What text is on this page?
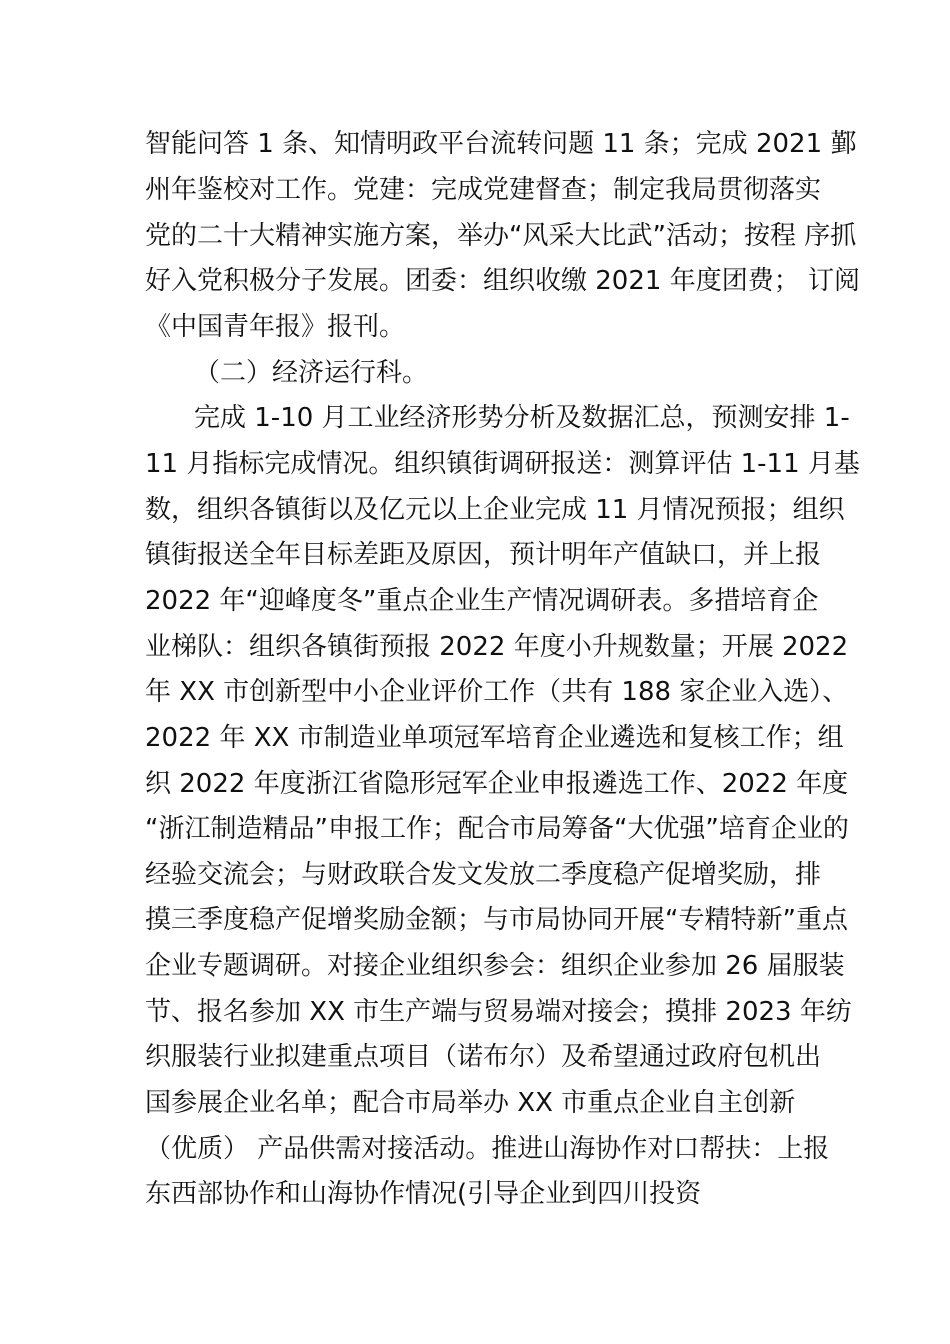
智能问答 1 条、知情明政平台流转问题 11 条；完成 2021 鄞
州年鉴校对工作。党建：完成党建督查；制定我局贯彻落实
党的二十大精神实施方案，举办“风采大比武”活动；按程 序抓
好入党积极分子发展。团委：组织收缴 2021 年度团费； 订阅
《中国青年报》报刊。
（二）经济运行科。
完成 1-10 月工业经济形势分析及数据汇总，预测安排 1-
11 月指标完成情况。组织镇街调研报送：测算评估 1-11 月基
数，组织各镇街以及亿元以上企业完成 11 月情况预报；组织
镇街报送全年目标差距及原因，预计明年产值缺口，并上报
2022 年“迎峰度冬”重点企业生产情况调研表。多措培育企
业梯队：组织各镇街预报 2022 年度小升规数量；开展 2022
年 XX 市创新型中小企业评价工作（共有 188 家企业入选）、
2022 年 XX 市制造业单项冠军培育企业遴选和复核工作；组
织 2022 年度浙江省隐形冠军企业申报遴选工作、2022 年度
“浙江制造精品”申报工作；配合市局筹备“大优强”培育企业的
经验交流会；与财政联合发文发放二季度稳产促增奖励，排
摸三季度稳产促增奖励金额；与市局协同开展“专精特新”重点
企业专题调研。对接企业组织参会：组织企业参加 26 届服装
节、报名参加 XX 市生产端与贸易端对接会；摸排 2023 年纺
织服装行业拟建重点项目（诺布尔）及希望通过政府包机出
国参展企业名单；配合市局举办 XX 市重点企业自主创新
（优质） 产品供需对接活动。推进山海协作对口帮扶：上报
东西部协作和山海协作情况(引导企业到四川投资
